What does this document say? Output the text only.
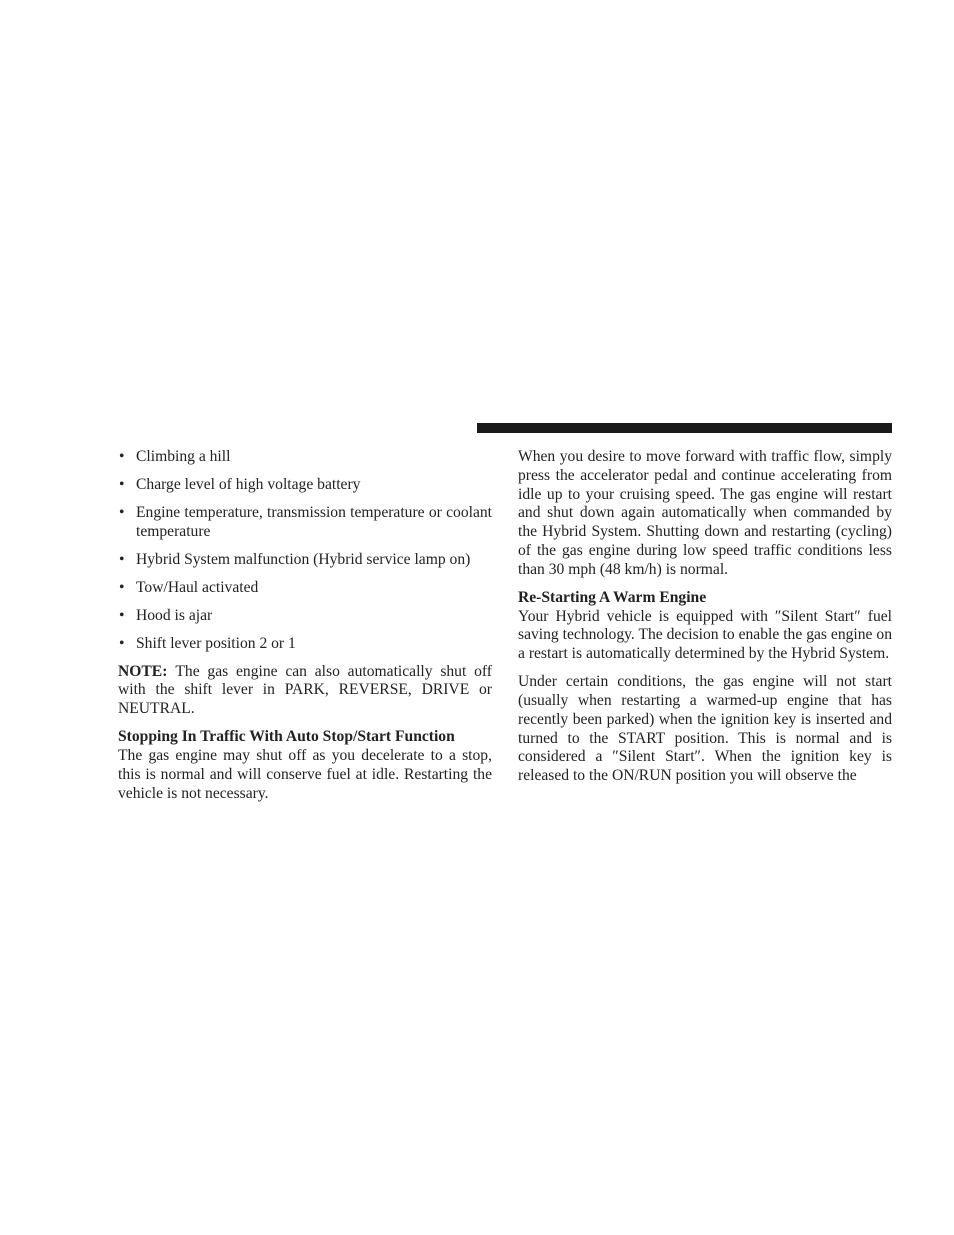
• Climbing a hill
• Charge level of high voltage battery
• Engine temperature, transmission temperature or coolant temperature
• Hybrid System malfunction (Hybrid service lamp on)
• Tow/Haul activated
• Hood is ajar
• Shift lever position 2 or 1

NOTE: The gas engine can also automatically shut off with the shift lever in PARK, REVERSE, DRIVE or NEUTRAL.

Stopping In Traffic With Auto Stop/Start Function

The gas engine may shut off as you decelerate to a stop, this is normal and will conserve fuel at idle. Restarting the vehicle is not necessary.

When you desire to move forward with traffic flow, simply press the accelerator pedal and continue accelerating from idle up to your cruising speed. The gas engine will restart and shut down again automatically when commanded by the Hybrid System. Shutting down and restarting (cycling) of the gas engine during low speed traffic conditions less than 30 mph (48 km/h) is normal.

Re-Starting A Warm Engine

Your Hybrid vehicle is equipped with ″Silent Start″ fuel saving technology. The decision to enable the gas engine on a restart is automatically determined by the Hybrid System.

Under certain conditions, the gas engine will not start (usually when restarting a warmed-up engine that has recently been parked) when the ignition key is inserted and turned to the START position. This is normal and is considered a ″Silent Start″. When the ignition key is released to the ON/RUN position you will observe the
